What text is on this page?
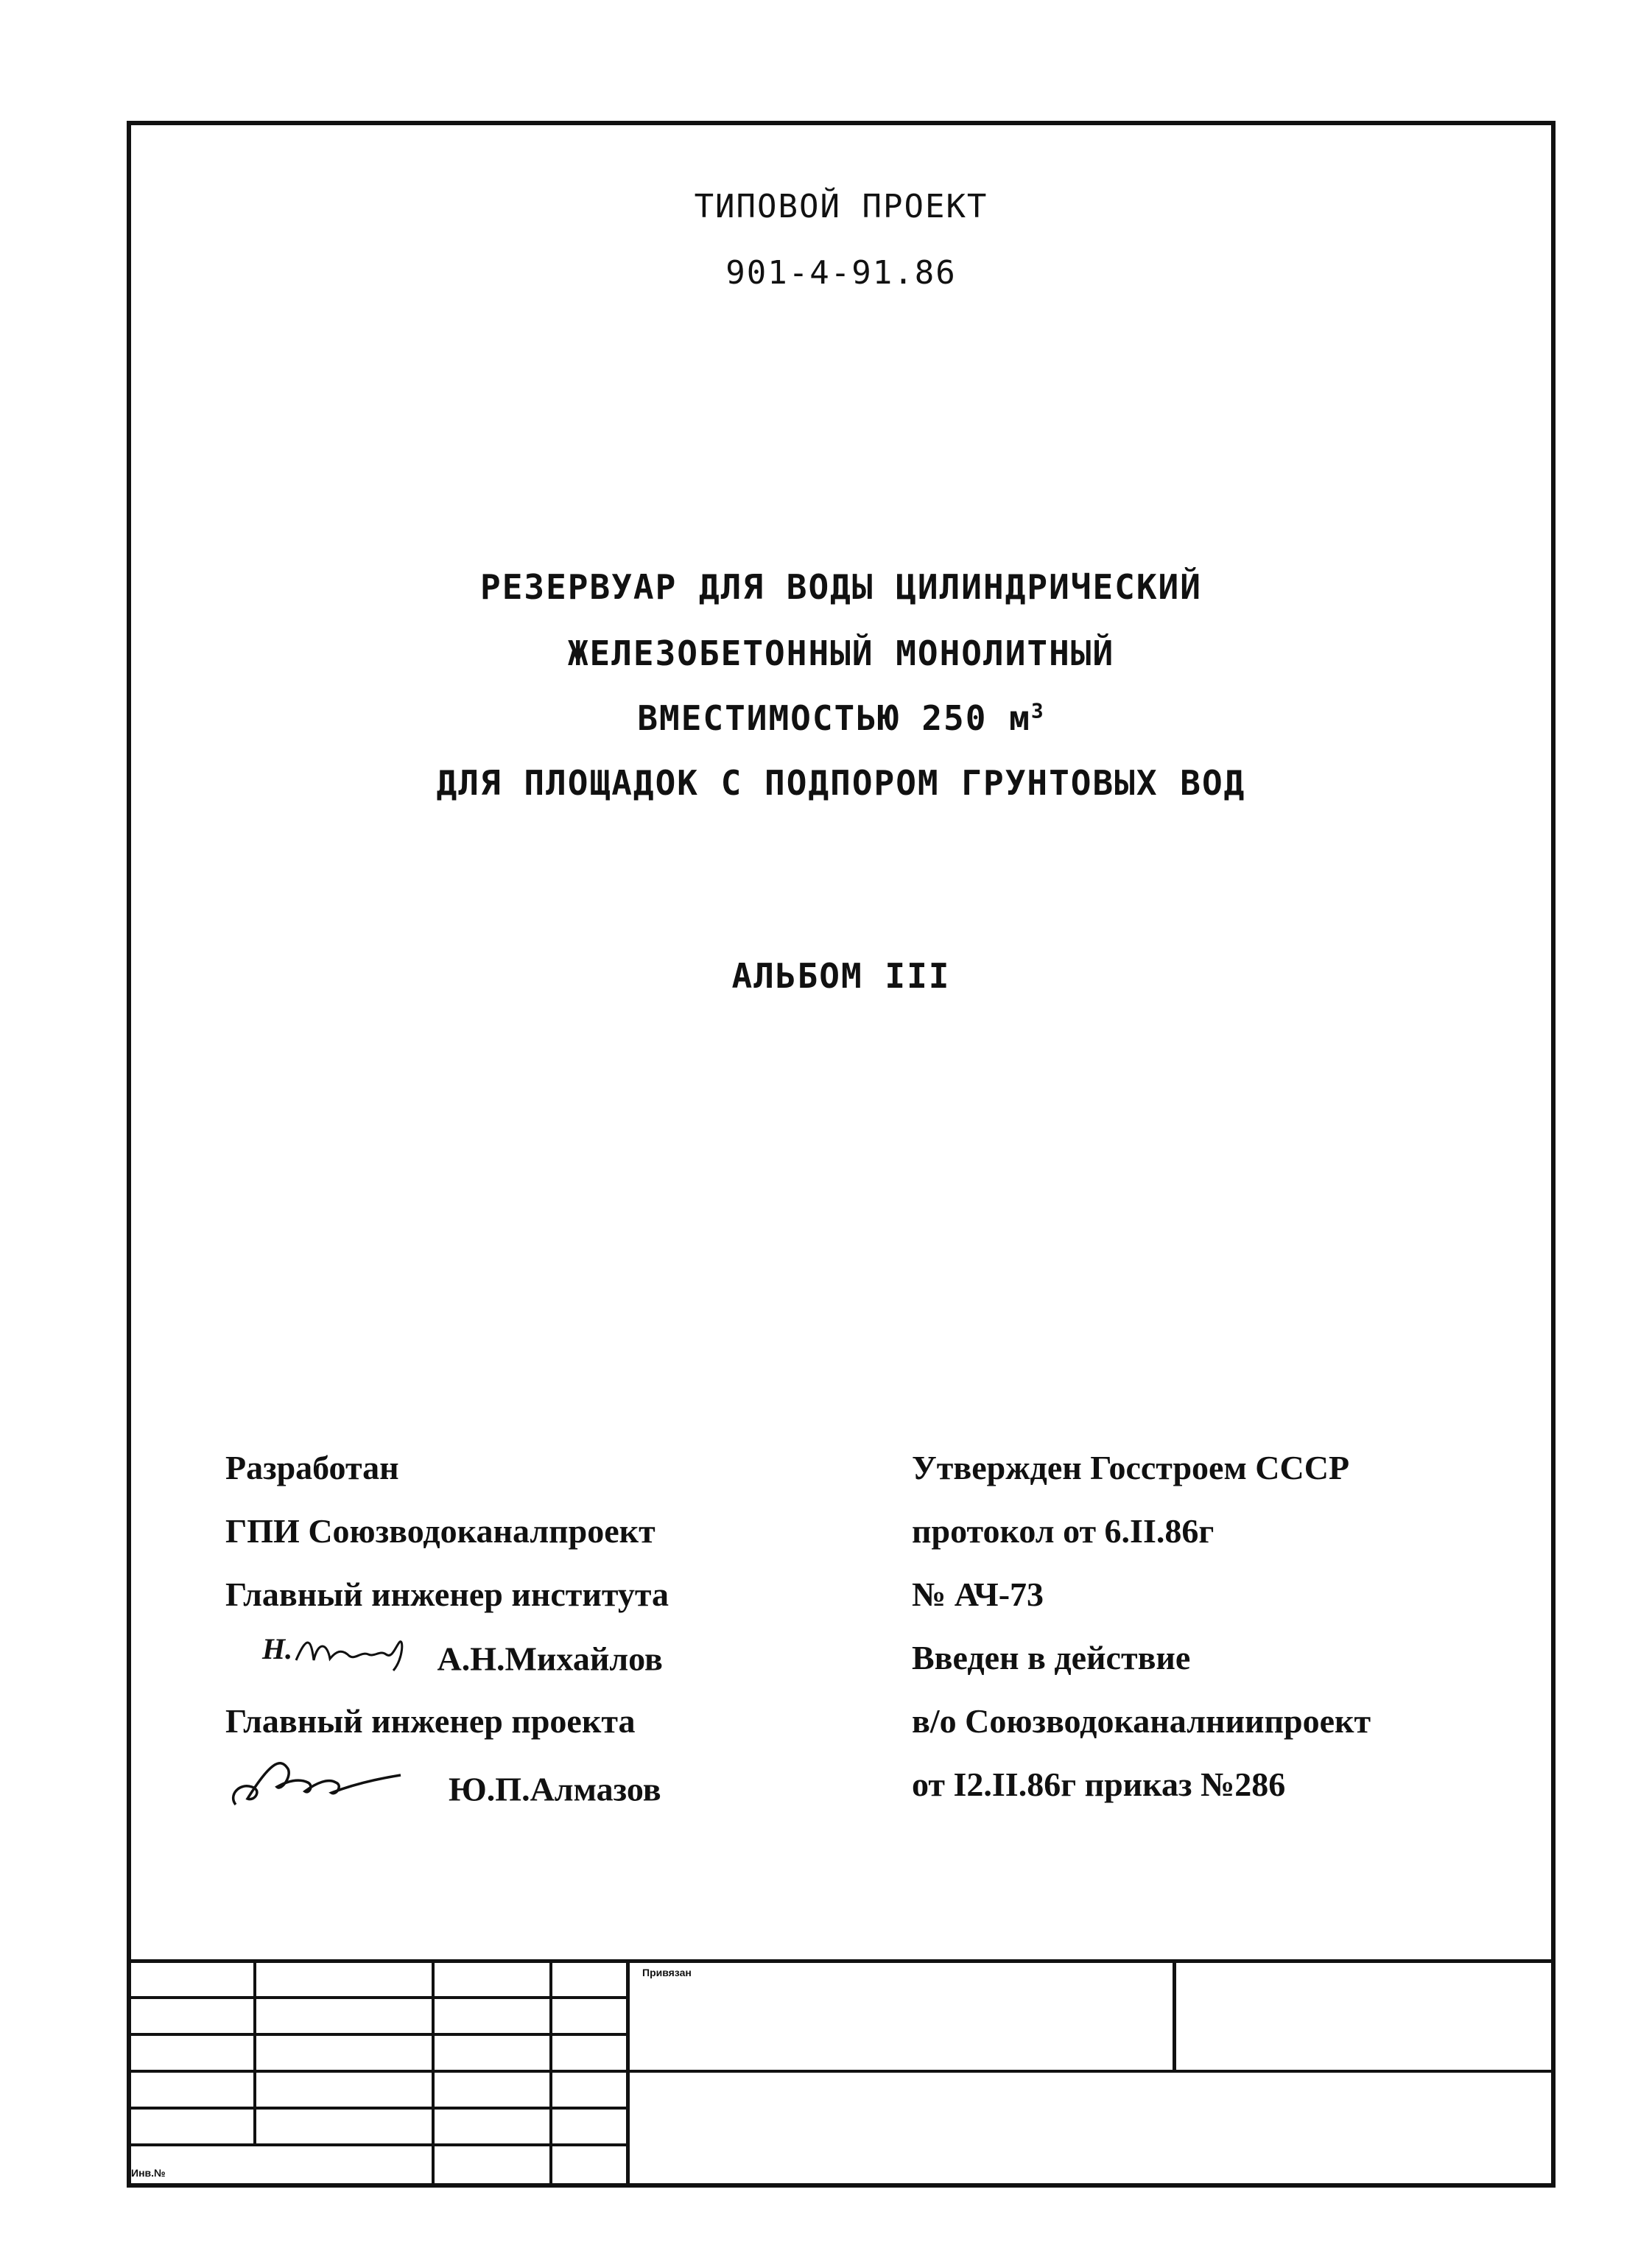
ТИПОВОЙ ПРОЕКТ
901-4-91.86
РЕЗЕРВУАР ДЛЯ ВОДЫ ЦИЛИНДРИЧЕСКИЙ
ЖЕЛЕЗОБЕТОННЫЙ МОНОЛИТНЫЙ
ВМЕСТИМОСТЬЮ 250 $м^3$
ДЛЯ ПЛОЩАДОК С ПОДПОРОМ ГРУНТОВЫХ ВОД
АЛЬБОМ III
Разработан
ГПИ Союзводоканалпроект
Главный инженер института
Н.	А.Н.Михайлов
Главный инженер проекта
Ю.П.Алмазов
Утвержден Госстроем СССР
протокол от 6.II.86г
№ АЧ-73
Введен в действие
в/о Союзводоканалниипроект
от I2.II.86г приказ №286
Привязан
Инв.№
